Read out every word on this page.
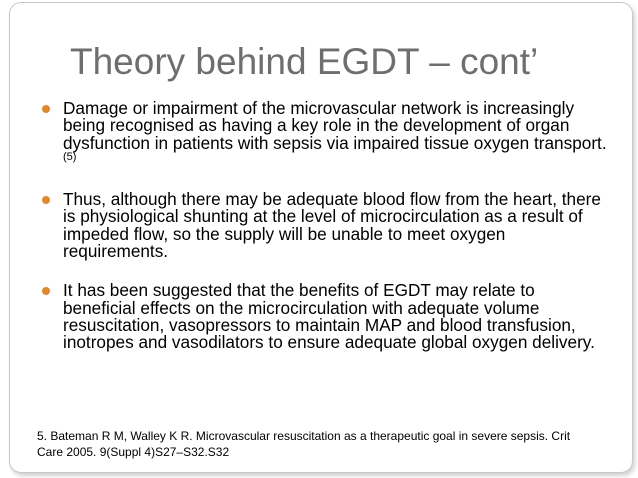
Theory behind EGDT – cont’
Damage or impairment of the microvascular network is increasingly being recognised as having a key role in the development of organ dysfunction in patients with sepsis via impaired tissue oxygen transport. $^{(5)}$
Thus, although there may be adequate blood flow from the heart, there is physiological shunting at the level of microcirculation as a result of impeded flow, so the supply will be unable to meet oxygen requirements.
It has been suggested that the benefits of EGDT may relate to beneficial effects on the microcirculation with adequate volume resuscitation, vasopressors to maintain MAP and blood transfusion, inotropes and vasodilators to ensure adequate global oxygen delivery.
5. Bateman R M, Walley K R. Microvascular resuscitation as a therapeutic goal in severe sepsis. Crit Care 2005. 9(Suppl 4)S27–S32.S32
